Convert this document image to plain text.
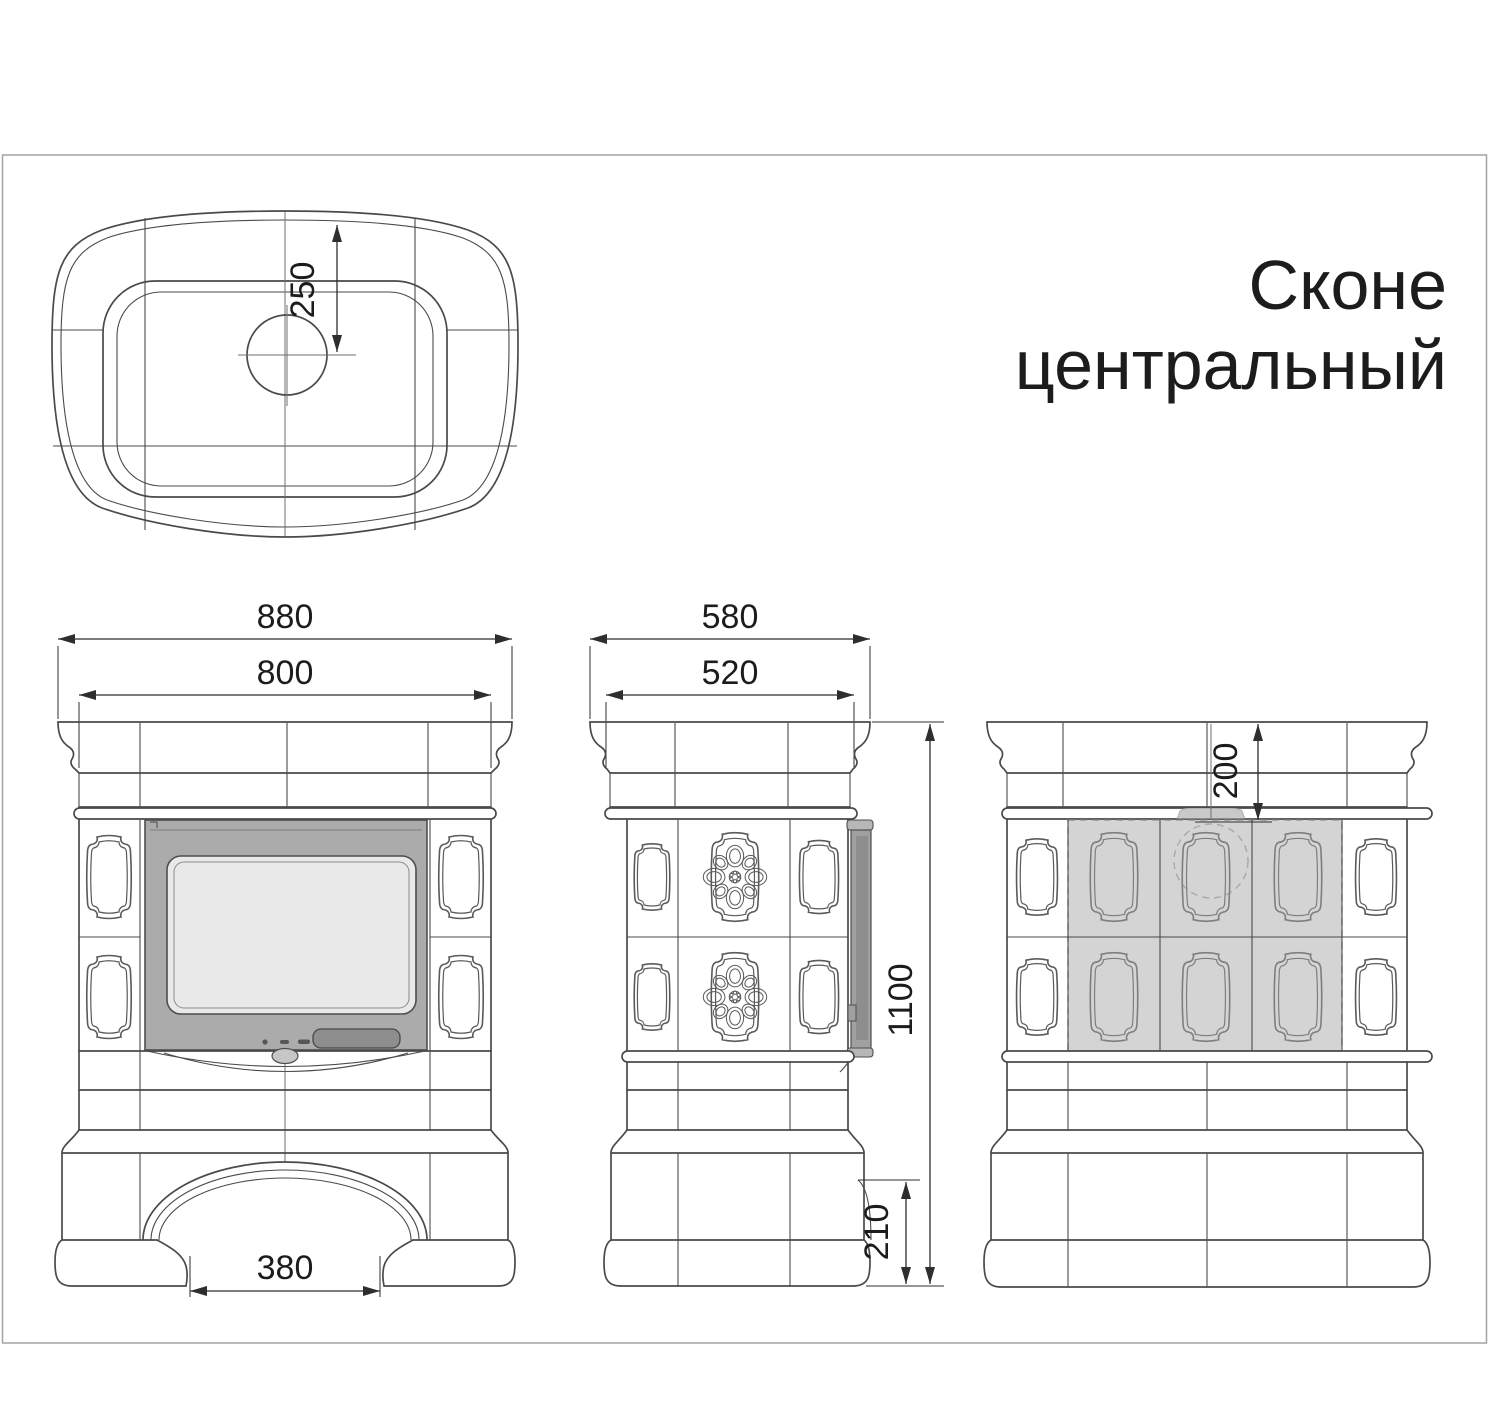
Сконе
центральный
250
880
800
380
580
520
1100
210
200
